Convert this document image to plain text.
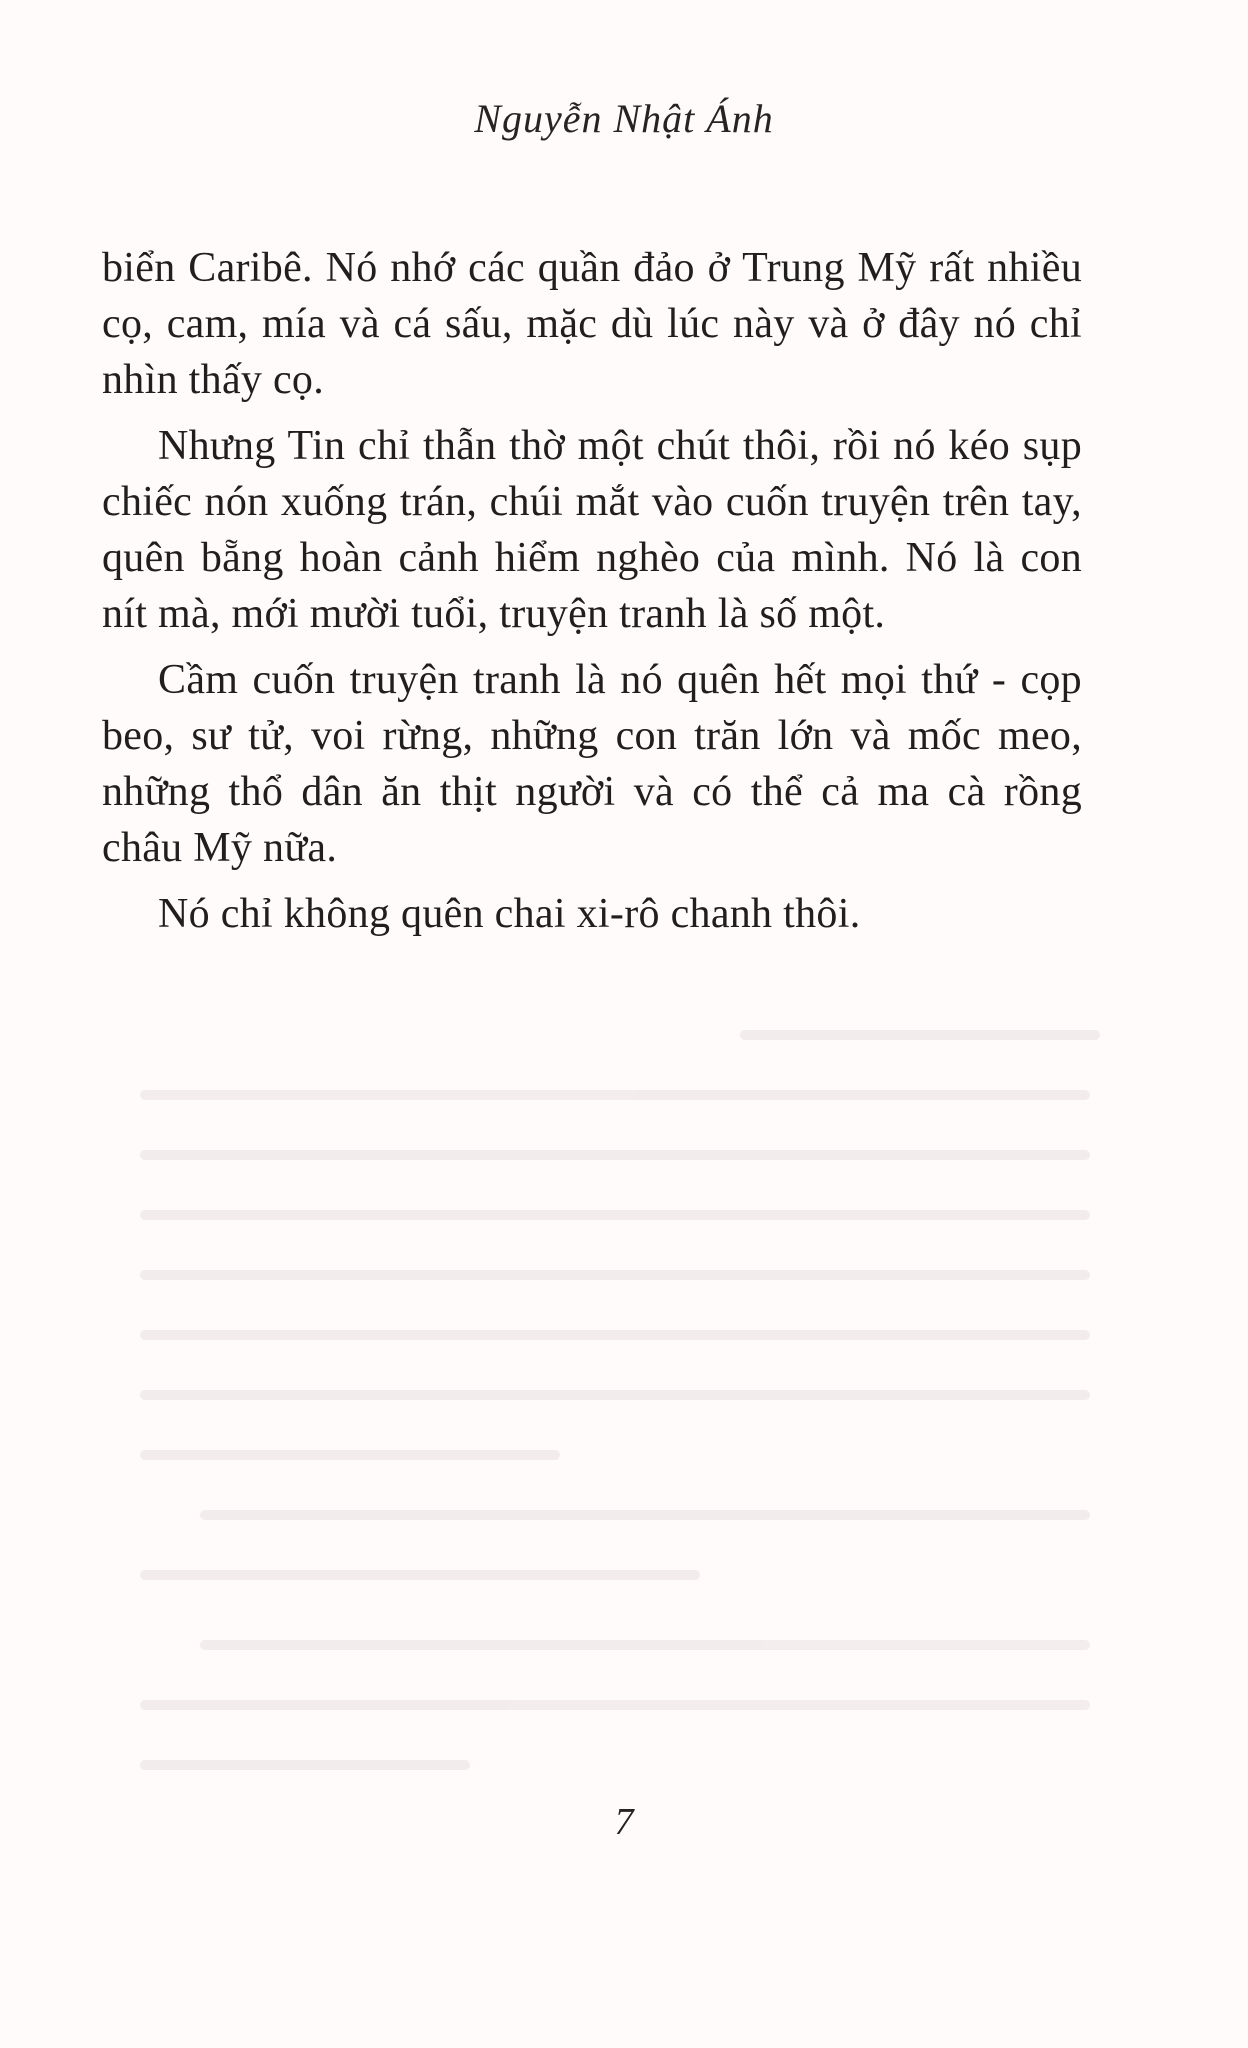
Nguyễn Nhật Ánh

biển Caribê. Nó nhớ các quần đảo ở Trung Mỹ rất nhiều cọ, cam, mía và cá sấu, mặc dù lúc này và ở đây nó chỉ nhìn thấy cọ.

Nhưng Tin chỉ thẫn thờ một chút thôi, rồi nó kéo sụp chiếc nón xuống trán, chúi mắt vào cuốn truyện trên tay, quên bẵng hoàn cảnh hiểm nghèo của mình. Nó là con nít mà, mới mười tuổi, truyện tranh là số một.

Cầm cuốn truyện tranh là nó quên hết mọi thứ - cọp beo, sư tử, voi rừng, những con trăn lớn và mốc meo, những thổ dân ăn thịt người và có thể cả ma cà rồng châu Mỹ nữa.

Nó chỉ không quên chai xi-rô chanh thôi.

7
